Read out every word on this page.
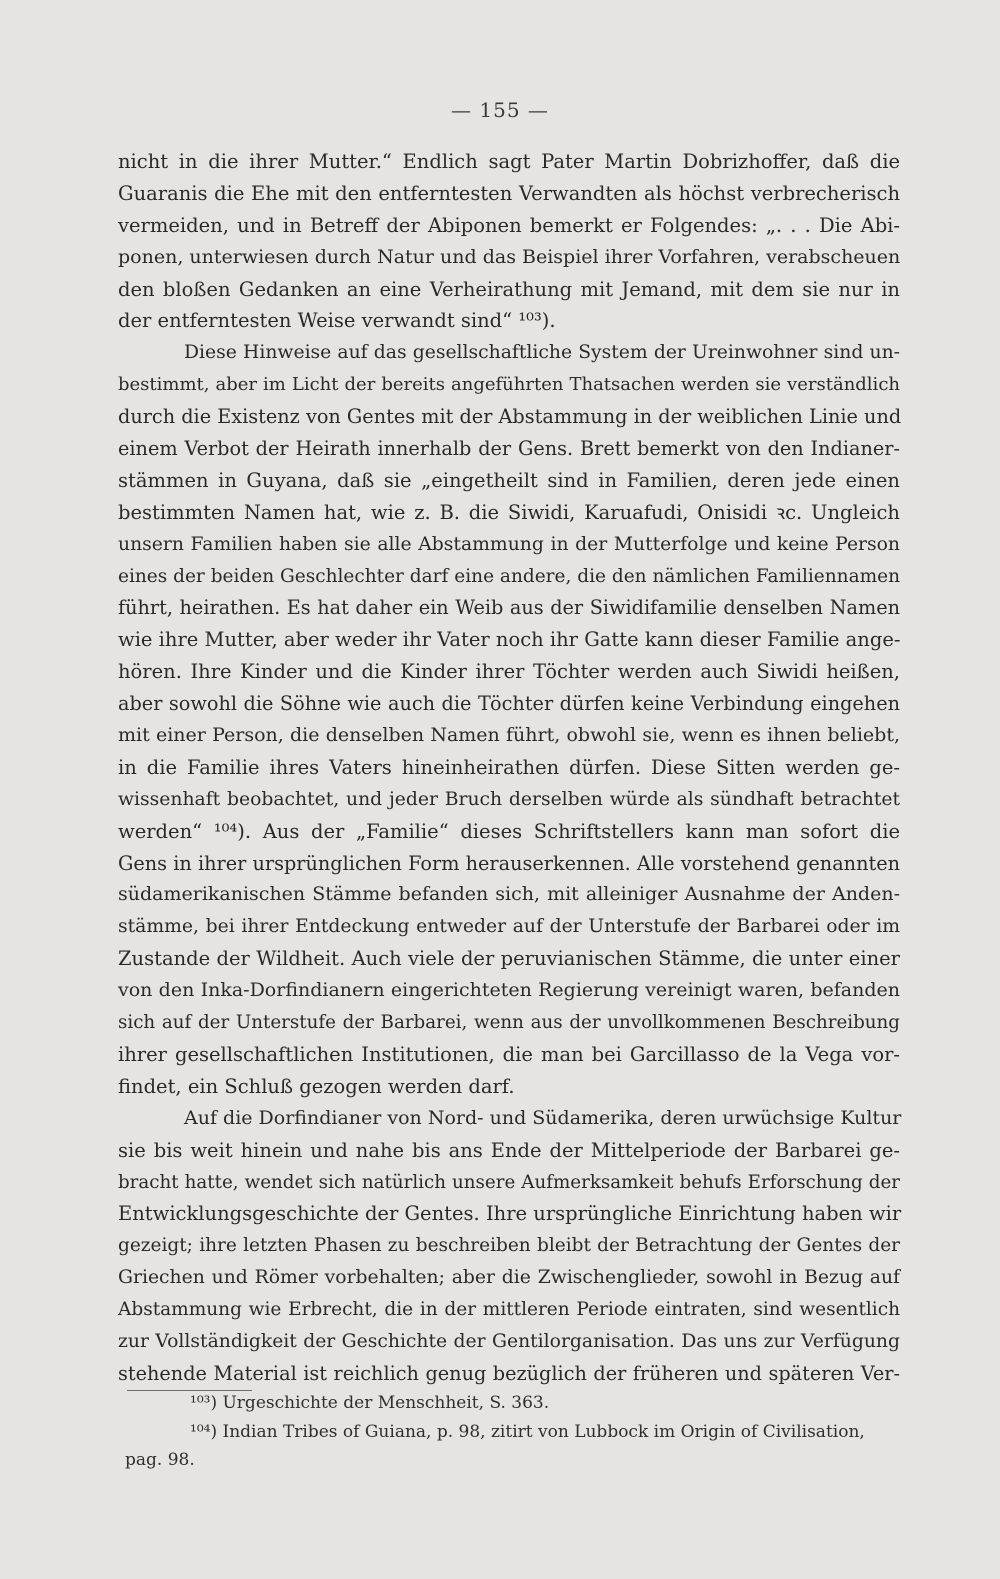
— 155 —
nicht in die ihrer Mutter.“ Endlich sagt Pater Martin Dobrizhoffer, daß die
Guaranis die Ehe mit den entferntesten Verwandten als höchst verbrecherisch
vermeiden, und in Betreff der Abiponen bemerkt er Folgendes: „. . . Die Abi-
ponen, unterwiesen durch Natur und das Beispiel ihrer Vorfahren, verabscheuen
den bloßen Gedanken an eine Verheirathung mit Jemand, mit dem sie nur in
der entferntesten Weise verwandt sind“ ¹⁰³).
Diese Hinweise auf das gesellschaftliche System der Ureinwohner sind un-
bestimmt, aber im Licht der bereits angeführten Thatsachen werden sie verständlich
durch die Existenz von Gentes mit der Abstammung in der weiblichen Linie und
einem Verbot der Heirath innerhalb der Gens. Brett bemerkt von den Indianer-
stämmen in Guyana, daß sie „eingetheilt sind in Familien, deren jede einen
bestimmten Namen hat, wie z. B. die Siwidi, Karuafudi, Onisidi ꝛc. Ungleich
unsern Familien haben sie alle Abstammung in der Mutterfolge und keine Person
eines der beiden Geschlechter darf eine andere, die den nämlichen Familiennamen
führt, heirathen. Es hat daher ein Weib aus der Siwidifamilie denselben Namen
wie ihre Mutter, aber weder ihr Vater noch ihr Gatte kann dieser Familie ange-
hören. Ihre Kinder und die Kinder ihrer Töchter werden auch Siwidi heißen,
aber sowohl die Söhne wie auch die Töchter dürfen keine Verbindung eingehen
mit einer Person, die denselben Namen führt, obwohl sie, wenn es ihnen beliebt,
in die Familie ihres Vaters hineinheirathen dürfen. Diese Sitten werden ge-
wissenhaft beobachtet, und jeder Bruch derselben würde als sündhaft betrachtet
werden“ ¹⁰⁴). Aus der „Familie“ dieses Schriftstellers kann man sofort die
Gens in ihrer ursprünglichen Form herauserkennen. Alle vorstehend genannten
südamerikanischen Stämme befanden sich, mit alleiniger Ausnahme der Anden-
stämme, bei ihrer Entdeckung entweder auf der Unterstufe der Barbarei oder im
Zustande der Wildheit. Auch viele der peruvianischen Stämme, die unter einer
von den Inka-Dorfindianern eingerichteten Regierung vereinigt waren, befanden
sich auf der Unterstufe der Barbarei, wenn aus der unvollkommenen Beschreibung
ihrer gesellschaftlichen Institutionen, die man bei Garcillasso de la Vega vor-
findet, ein Schluß gezogen werden darf.
Auf die Dorfindianer von Nord- und Südamerika, deren urwüchsige Kultur
sie bis weit hinein und nahe bis ans Ende der Mittelperiode der Barbarei ge-
bracht hatte, wendet sich natürlich unsere Aufmerksamkeit behufs Erforschung der
Entwicklungsgeschichte der Gentes. Ihre ursprüngliche Einrichtung haben wir
gezeigt; ihre letzten Phasen zu beschreiben bleibt der Betrachtung der Gentes der
Griechen und Römer vorbehalten; aber die Zwischenglieder, sowohl in Bezug auf
Abstammung wie Erbrecht, die in der mittleren Periode eintraten, sind wesentlich
zur Vollständigkeit der Geschichte der Gentilorganisation. Das uns zur Verfügung
stehende Material ist reichlich genug bezüglich der früheren und späteren Ver-
¹⁰³) Urgeschichte der Menschheit, S. 363.
¹⁰⁴) Indian Tribes of Guiana, p. 98, zitirt von Lubbock im Origin of Civilisation,
pag. 98.
